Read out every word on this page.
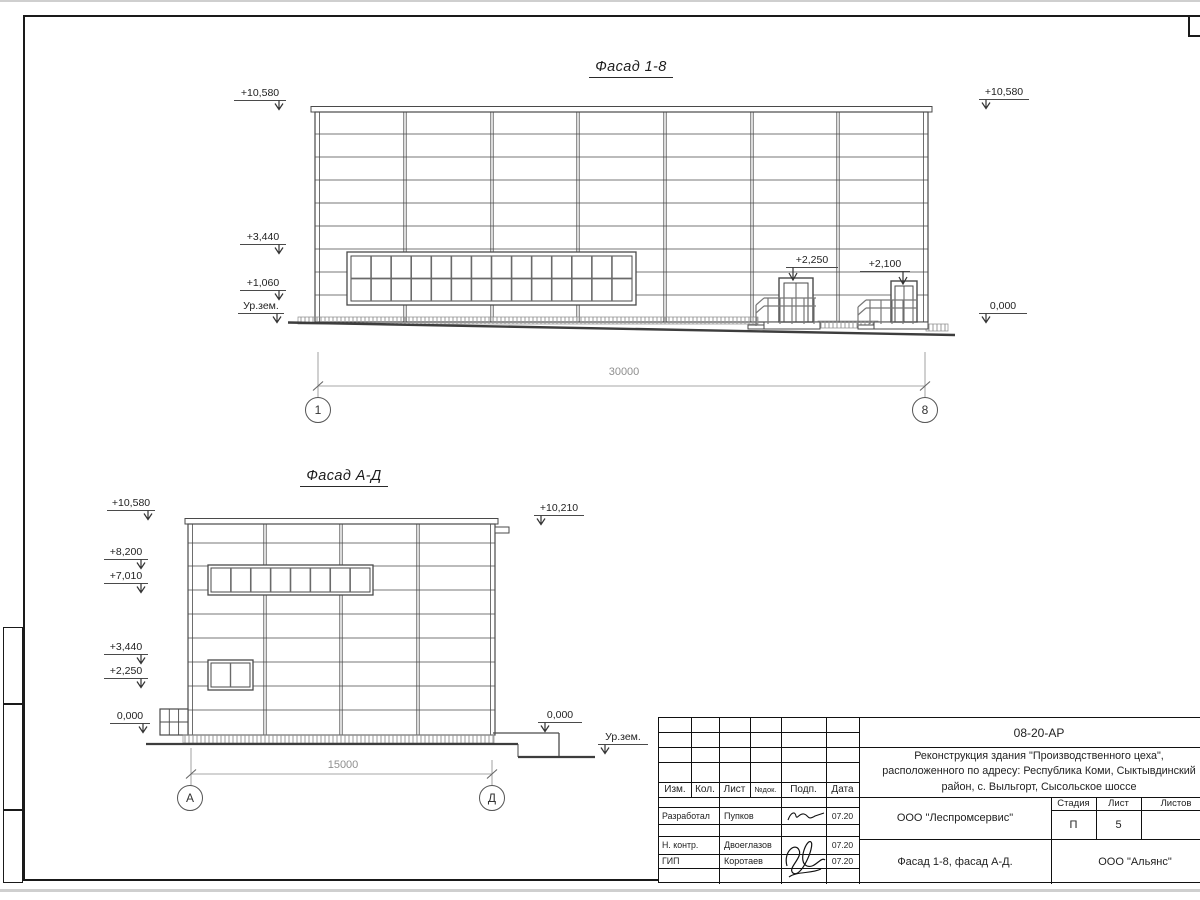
Фасад 1-8
Фасад А-Д
+10,580
+3,440
+1,060
Ур.зем.
+10,580
0,000
+2,250	+2,100
+10,580
+8,200
+7,010
+3,440
+2,250
0,000
+10,210
0,000
Ур.зем.
30000
15000
1	8
А	Д
Изм. Кол. Лист	№док.	Подп.	Дата
Разработал	Пупков	07.20
Н. контр.	Двоеглазов	07.20
ГИП	Коротаев	07.20
08-20-АР
Реконструкция здания "Производственного цеха",
расположенного по адресу: Республика Коми, Сыктывдинский
район, с. Выльгорт, Сысольское шоссе
ООО "Леспромсервис"
Фасад 1-8, фасад А-Д.
Стадия	Лист	Листов
П	5
ООО "Альянс"
